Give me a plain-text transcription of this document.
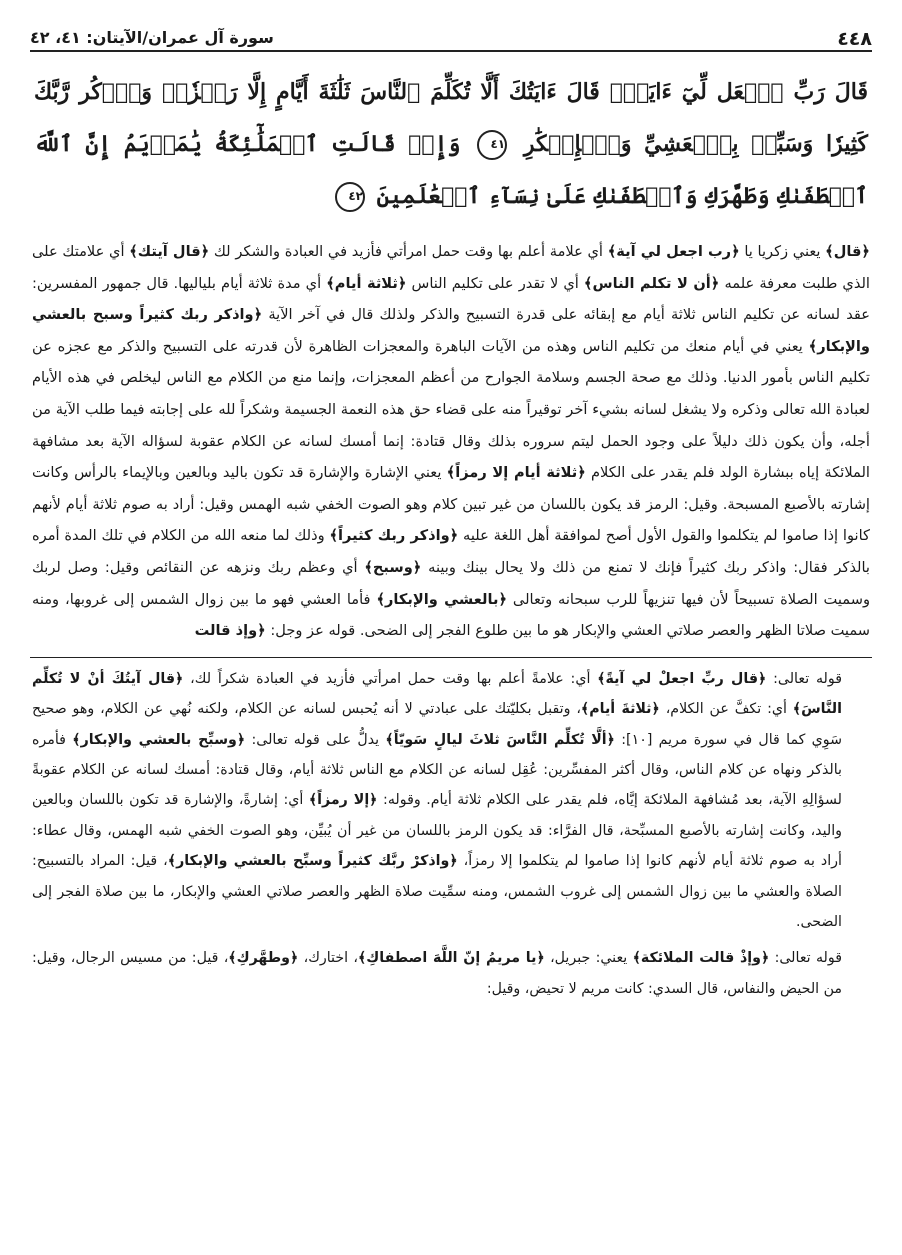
سورة آل عمران/الآيتان: ٤١، ٤٢	٤٤٨
قَالَ رَبِّ ٱجۡعَل لِّيٓ ءَايَةٗۖ قَالَ ءَايَتُكَ أَلَّا تُكَلِّمَ ٱلنَّاسَ ثَلَٰثَةَ أَيَّامٍ إِلَّا رَمۡزٗاۗ وَٱذۡكُر رَّبَّكَ كَثِيرٗا وَسَبِّحۡ بِٱلۡعَشِيِّ وَٱلۡإِبۡكَٰرِ ٤١ وَإِذۡ قَالَتِ ٱلۡمَلَٰٓئِكَةُ يَٰمَرۡيَمُ إِنَّ ٱللَّهَ ٱصۡطَفَىٰكِ وَطَهَّرَكِ وَٱصۡطَفَىٰكِ عَلَىٰ نِسَآءِ ٱلۡعَٰلَمِينَ ٤٢
﴿قال﴾ يعني زكريا يا ﴿رب اجعل لي آية﴾ أي علامة أعلم بها وقت حمل امرأتي فأزيد في العبادة والشكر لك ﴿قال آيتك﴾ أي علامتك على الذي طلبت معرفة علمه ﴿أن لا تكلم الناس﴾ أي لا تقدر على تكليم الناس ﴿ثلاثة أيام﴾ أي مدة ثلاثة أيام بلياليها. قال جمهور المفسرين: عقد لسانه عن تكليم الناس ثلاثة أيام مع إبقائه على قدرة التسبيح والذكر ولذلك قال في آخر الآية ﴿واذكر ربك كثيراً وسبح بالعشي والإبكار﴾ يعني في أيام منعك من تكليم الناس وهذه من الآيات الباهرة والمعجزات الظاهرة لأن قدرته على التسبيح والذكر مع عجزه عن تكليم الناس بأمور الدنيا. وذلك مع صحة الجسم وسلامة الجوارح من أعظم المعجزات، وإنما منع من الكلام مع الناس ليخلص في هذه الأيام لعبادة الله تعالى وذكره ولا يشغل لسانه بشيء آخر توقيراً منه على قضاء حق هذه النعمة الجسيمة وشكراً لله على إجابته فيما طلب الآية من أجله، وأن يكون ذلك دليلاً على وجود الحمل ليتم سروره بذلك وقال قتادة: إنما أمسك لسانه عن الكلام عقوبة لسؤاله الآية بعد مشافهة الملائكة إياه ببشارة الولد فلم يقدر على الكلام ﴿ثلاثة أيام إلا رمزاً﴾ يعني الإشارة والإشارة قد تكون باليد وبالعين وبالإيماء بالرأس وكانت إشارته بالأصبع المسبحة. وقيل: الرمز قد يكون باللسان من غير تبين كلام وهو الصوت الخفي شبه الهمس وقيل: أراد به صوم ثلاثة أيام لأنهم كانوا إذا صاموا لم يتكلموا والقول الأول أصح لموافقة أهل اللغة عليه ﴿واذكر ربك كثيراً﴾ وذلك لما منعه الله من الكلام في تلك المدة أمره بالذكر فقال: واذكر ربك كثيراً فإنك لا تمنع من ذلك ولا يحال بينك وبينه ﴿وسبح﴾ أي وعظم ربك ونزهه عن النقائص وقيل: وصل لربك وسميت الصلاة تسبيحاً لأن فيها تنزيهاً للرب سبحانه وتعالى ﴿بالعشي والإبكار﴾ فأما العشي فهو ما بين زوال الشمس إلى غروبها، ومنه سميت صلاتا الظهر والعصر صلاتي العشي والإبكار هو ما بين طلوع الفجر إلى الضحى. قوله عز وجل: ﴿وإذ قالت

قوله تعالى: ﴿قال ربِّ اجعلْ لي آيةً﴾ أي: علامةً أعلم بها وقت حمل امرأتي فأزيد في العبادة شكراً لك، ﴿قال آيتُكَ أنْ لا تُكلِّم النَّاسَ﴾ أي: تكفَّ عن الكلام، ﴿ثلاثةَ أيام﴾، وتقبل بكليّتك على عبادتي لا أنه يُحبس لسانه عن الكلام، ولكنه نُهي عن الكلام، وهو صحيح سَوِي كما قال في سورة مريم [١٠]: ﴿ألَّا تُكلِّم النَّاسَ ثلاثَ ليالٍ سَويّاً﴾ يدلُّ على قوله تعالى: ﴿وسبِّح بالعشي والإبكار﴾ فأمره بالذكر ونهاه عن كلام الناس، وقال أكثر المفسِّرين: عُقِل لسانه عن الكلام مع الناس ثلاثة أيام، وقال قتادة: أمسك لسانه عن الكلام عقوبةً لسؤالِهِ الآية، بعد مُشافهة الملائكة إيَّاه، فلم يقدر على الكلام ثلاثة أيام. وقوله: ﴿إلا رمزاً﴾ أي: إشارةً، والإشارة قد تكون باللسان وبالعين واليد، وكانت إشارته بالأصبع المسبِّحة، قال الفرَّاء: قد يكون الرمز باللسان من غير أن يُبيِّن، وهو الصوت الخفي شبه الهمس، وقال عطاء: أراد به صوم ثلاثة أيام لأنهم كانوا إذا صاموا لم يتكلموا إلا رمزاً، ﴿واذكرْ ربَّك كثيراً وسبِّح بالعشي والإبكار﴾، قيل: المراد بالتسبيح: الصلاة والعشي ما بين زوال الشمس إلى غروب الشمس، ومنه سمِّيت صلاة الظهر والعصر صلاتي العشي والإبكار، ما بين صلاة الفجر إلى الضحى.

قوله تعالى: ﴿وإذْ قالت الملائكة﴾ يعني: جبريل، ﴿يا مريمُ إنّ اللَّهَ اصطفاكِ﴾، اختارك، ﴿وطهَّركِ﴾، قيل: من مسيس الرجال، وقيل: من الحيض والنفاس، قال السدي: كانت مريم لا تحيض، وقيل:
